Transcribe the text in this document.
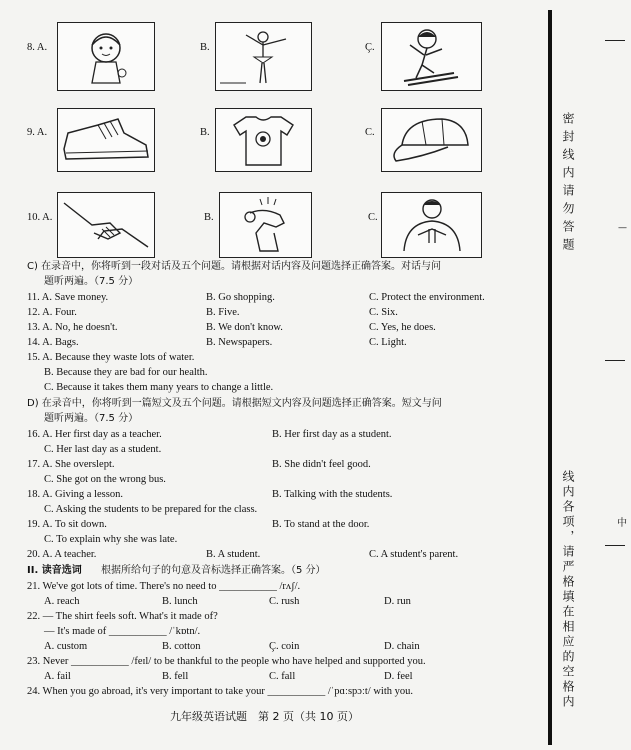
8. A.	B.	Ç.
9. A.	B.	C.
10. A.	B.	C.
C) 在录音中，你将听到一段对话及五个问题。请根据对话内容及问题选择正确答案。对话与问
题听两遍。（7.5 分）
11. A. Save money.	B. Go shopping.	C. Protect the environment.
12. A. Four.	B. Five.	C. Six.
13. A. No, he doesn't.	B. We don't know.	C. Yes, he does.
14. A. Bags.	B. Newspapers.	C. Light.
15. A. Because they waste lots of water.
B. Because they are bad for our health.
C. Because it takes them many years to change a little.
D) 在录音中，你将听到一篇短文及五个问题。请根据短文内容及问题选择正确答案。短文与问
题听两遍。（7.5 分）
16. A. Her first day as a teacher.	B. Her first day as a student.
C. Her last day as a student.
17. A. She overslept.	B. She didn't feel good.
C. She got on the wrong bus.
18. A. Giving a lesson.	B. Talking with the students.
C. Asking the students to be prepared for the class.
19. A. To sit down.	B. To stand at the door.
C. To explain why she was late.
20. A. A teacher.	B. A student.	C. A student's parent.
II. 读音选词 根据所给句子的句意及音标选择正确答案。（5 分）
21. We've got lots of time. There's no need to ___________ /rʌʃ/.
A. reach	B. lunch	C. rush	D. run
22. — The shirt feels soft. What's it made of?
— It's made of ___________ /ˈkɒtn/.
A. custom	B. cotton	Ç. coin	D. chain
23. Never ___________ /feɪl/ to be thankful to the people who have helped and supported you.
A. fail	B. fell	C. fall	D. feel
24. When you go abroad, it's very important to take your ___________ /ˈpɑːspɔːt/ with you.
九年级英语试题　第 2 页（共 10 页）
密封线内请勿答题
线内各项，请严格填在相应的空格内
—
中
